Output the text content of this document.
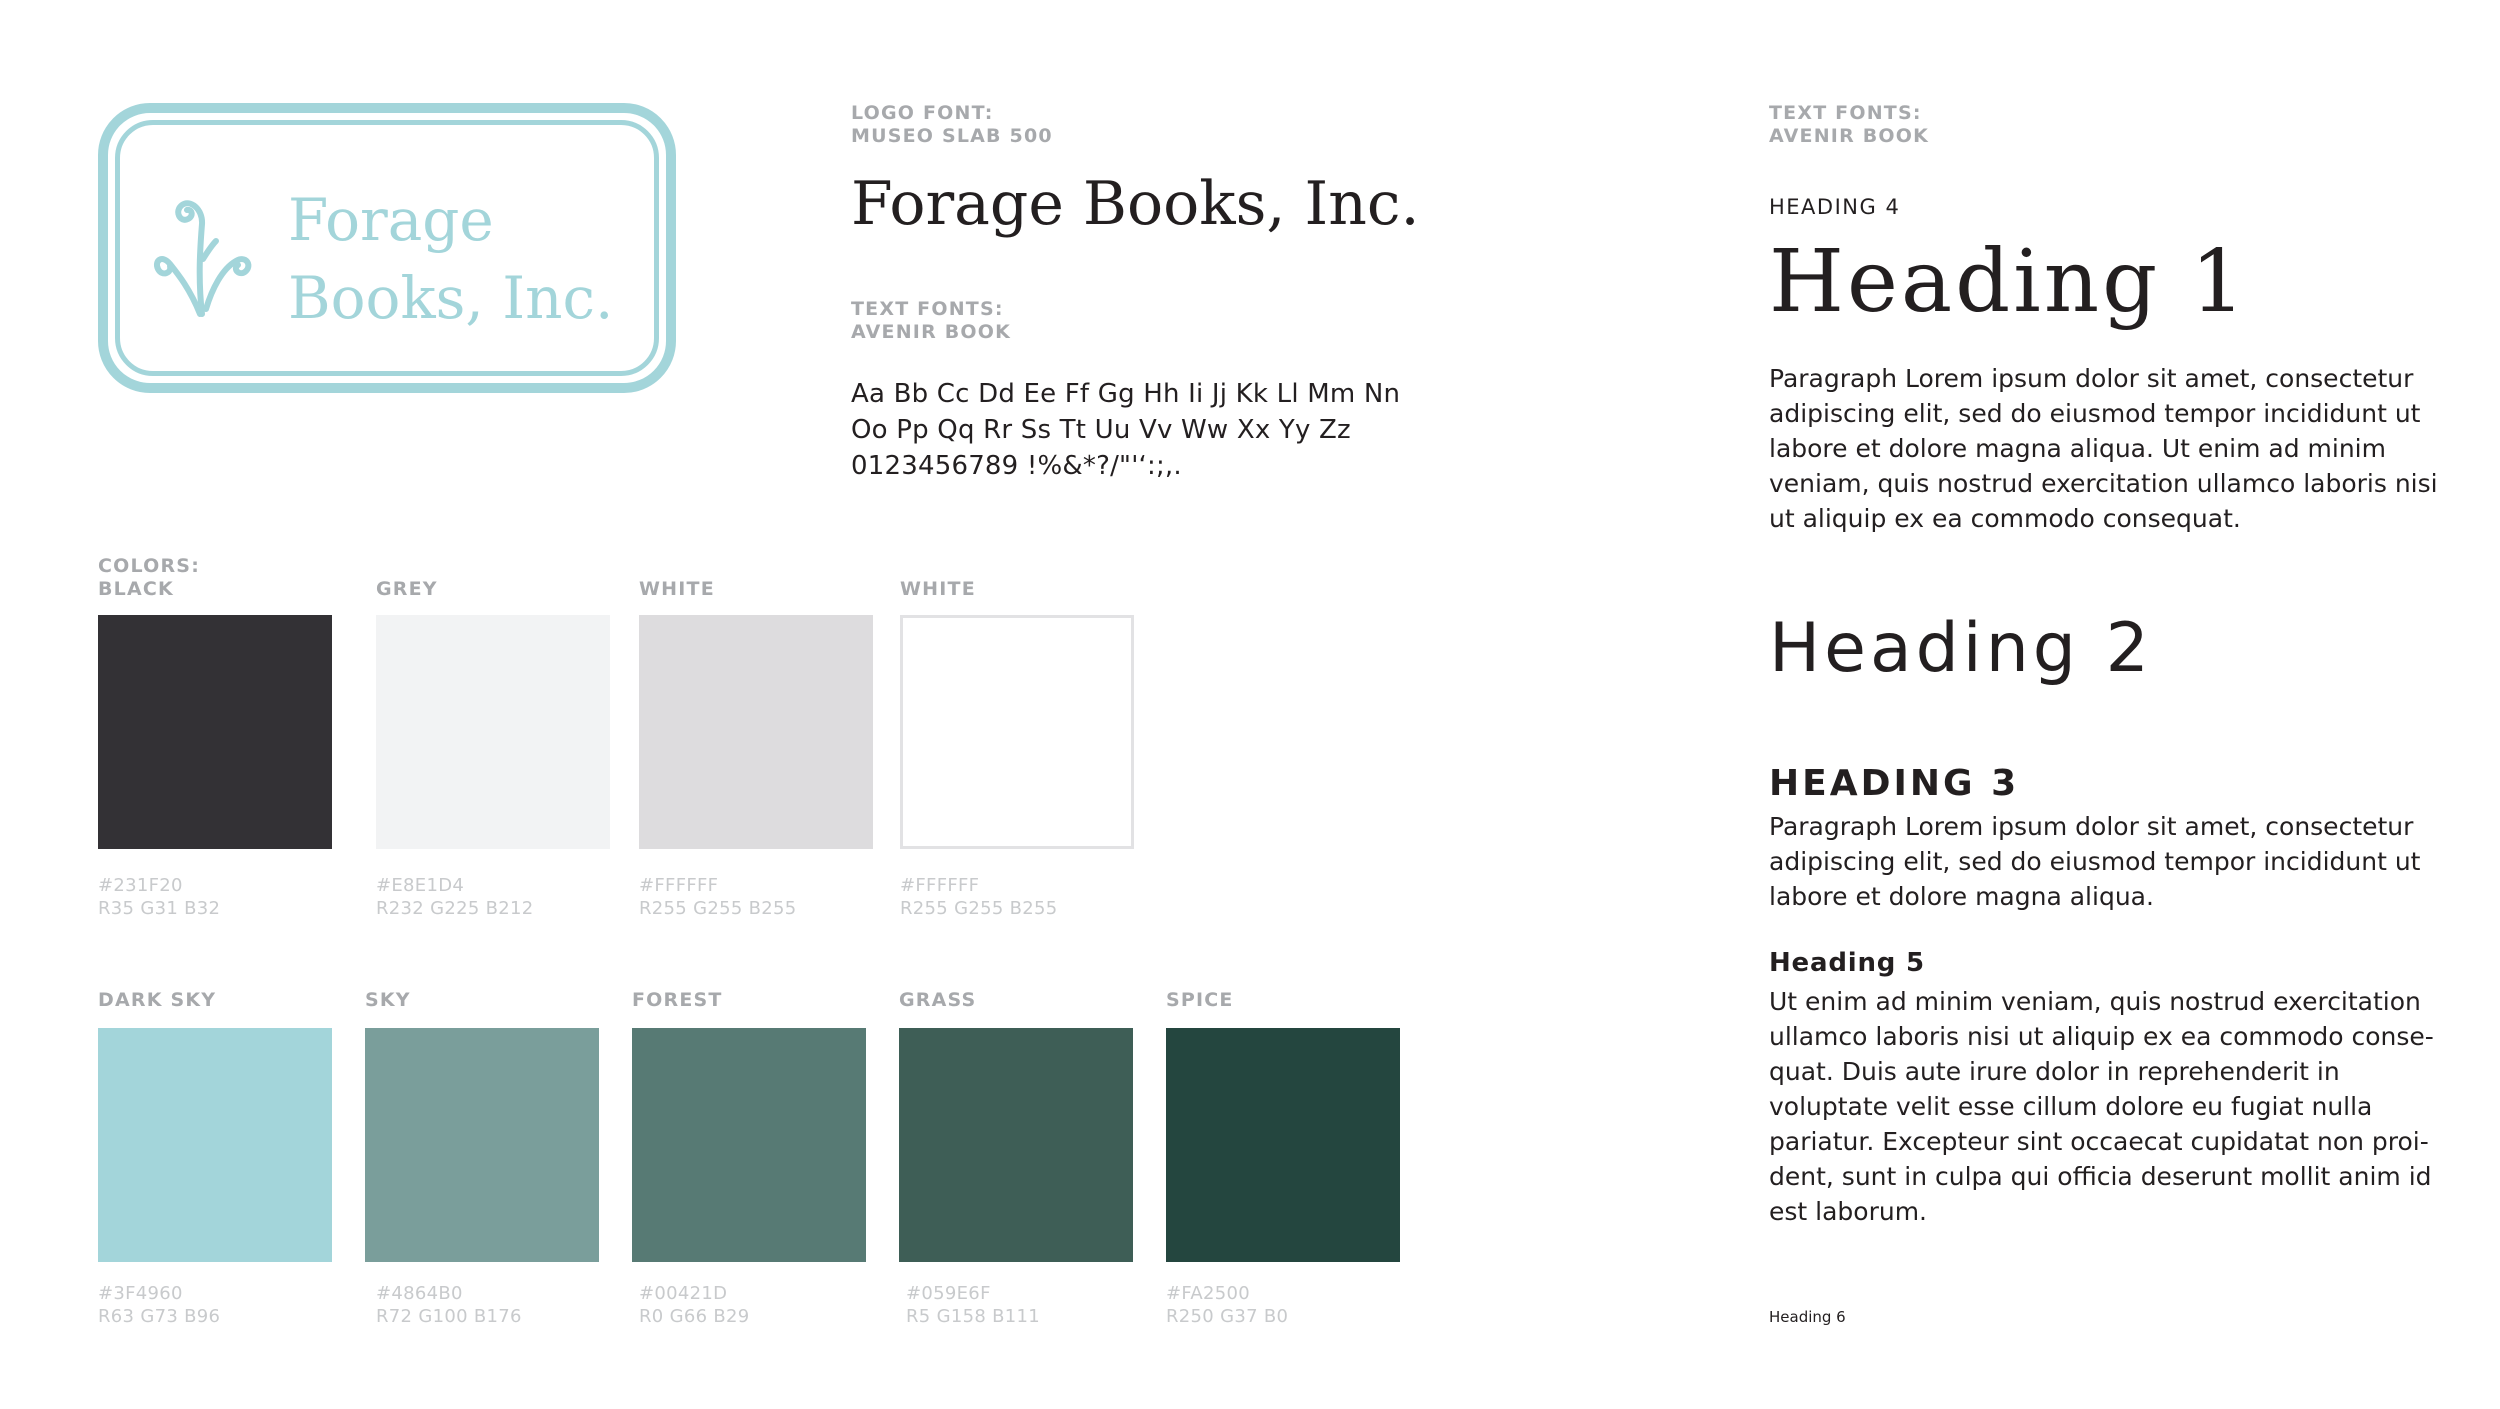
Forage
Books, Inc.
LOGO FONT:
MUSEO SLAB 500
Forage Books, Inc.
TEXT FONTS:
AVENIR BOOK
Aa Bb Cc Dd Ee Ff Gg Hh Ii Jj Kk Ll Mm Nn
Oo Pp Qq Rr Ss Tt Uu Vv Ww Xx Yy Zz
0123456789 !%&*?/"'‘:;,.
COLORS:
BLACK	GREY	WHITE	WHITE
#231F20
R35 G31 B32
#E8E1D4
R232 G225 B212
#FFFFFF
R255 G255 B255
#FFFFFF
R255 G255 B255
DARK SKY	SKY	FOREST	GRASS	SPICE
#3F4960
R63 G73 B96
#4864B0
R72 G100 B176
#00421D
R0 G66 B29
#059E6F
R5 G158 B111
#FA2500
R250 G37 B0
TEXT FONTS:
AVENIR BOOK
HEADING 4
Heading 1
Paragraph Lorem ipsum dolor sit amet, consectetur
adipiscing elit, sed do eiusmod tempor incididunt ut
labore et dolore magna aliqua. Ut enim ad minim
veniam, quis nostrud exercitation ullamco laboris nisi
ut aliquip ex ea commodo consequat.
Heading 2
HEADING 3
Paragraph Lorem ipsum dolor sit amet, consectetur
adipiscing elit, sed do eiusmod tempor incididunt ut
labore et dolore magna aliqua.
Heading 5
Ut enim ad minim veniam, quis nostrud exercitation
ullamco laboris nisi ut aliquip ex ea commodo conse-
quat. Duis aute irure dolor in reprehenderit in
voluptate velit esse cillum dolore eu fugiat nulla
pariatur. Excepteur sint occaecat cupidatat non proi-
dent, sunt in culpa qui officia deserunt mollit anim id
est laborum.
Heading 6
